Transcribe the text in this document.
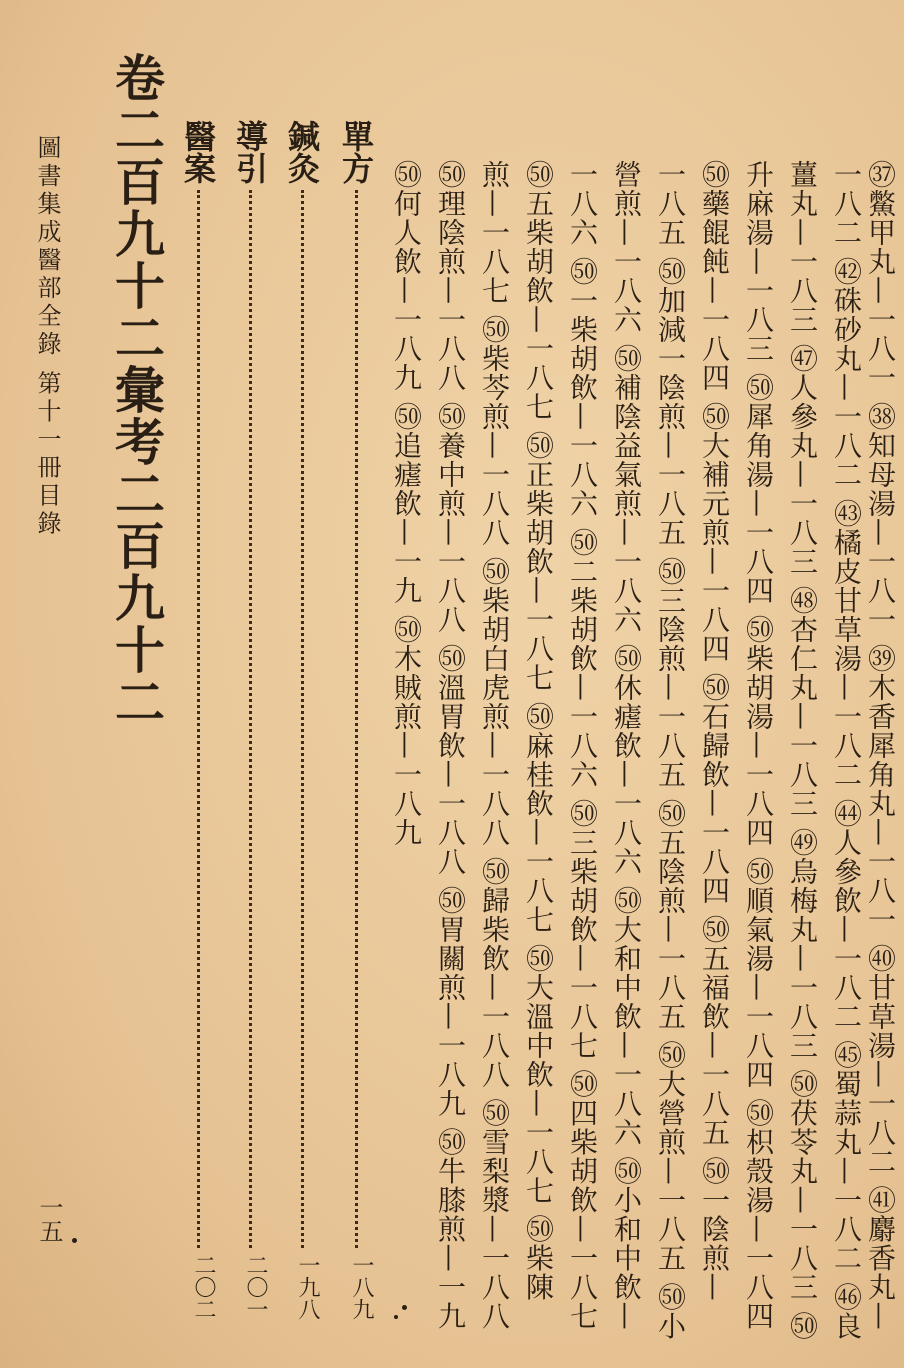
圖書集成醫部全錄 第十一冊目錄 卷二百九十二彙考二百九十二 醫案
二〇二
導引
二〇一
鍼灸
一九八
單方
一八九
㊿何人飲—一八九 ㊿追瘧飲—一九 ㊿木賊煎—一八九 ㊿理陰煎—一八八 ㊿養中煎—一八八 ㊿溫胃飲—一八八 ㊿胃關煎—一八九 ㊿牛膝煎—一九 煎—一八七 ㊿柴芩煎—一八八 ㊿柴胡白虎煎—一八八 ㊿歸柴飲—一八八 ㊿雪梨漿—一八八 ㊿五柴胡飲—一八七 ㊿正柴胡飲—一八七 ㊿麻桂飲—一八七 ㊿大溫中飲—一八七 ㊿柴陳 一八六 ㊿一柴胡飲—一八六 ㊿二柴胡飲—一八六 ㊿三柴胡飲—一八七 ㊿四柴胡飲—一八七 營煎—一八六 ㊿補陰益氣煎—一八六 ㊿休瘧飲—一八六 ㊿大和中飲—一八六 ㊿小和中飲— 一八五 ㊿加減一陰煎—一八五 ㊿三陰煎—一八五 ㊿五陰煎—一八五 ㊿大營煎—一八五 ㊿小 ㊿藥餛飩—一八四 ㊿大補元煎—一八四 ㊿石歸飲—一八四 ㊿五福飲—一八五 ㊿一陰煎— 升麻湯—一八三 ㊿犀角湯—一八四 ㊿柴胡湯—一八四 ㊿順氣湯—一八四 ㊿枳殼湯—一八四 薑丸—一八三 ㊼人參丸—一八三 ㊽杏仁丸—一八三 ㊾烏梅丸—一八三 ㊿茯苓丸—一八三 ㊿ 一八二 ㊷硃砂丸—一八二 ㊸橘皮甘草湯—一八二 ㊹人參飲—一八二 ㊺蜀蒜丸—一八二 ㊻良 ㊲鱉甲丸—一八一 ㊳知母湯—一八一 ㊴木香犀角丸—一八一 ㊵甘草湯—一八二 ㊶麝香丸—
一五
